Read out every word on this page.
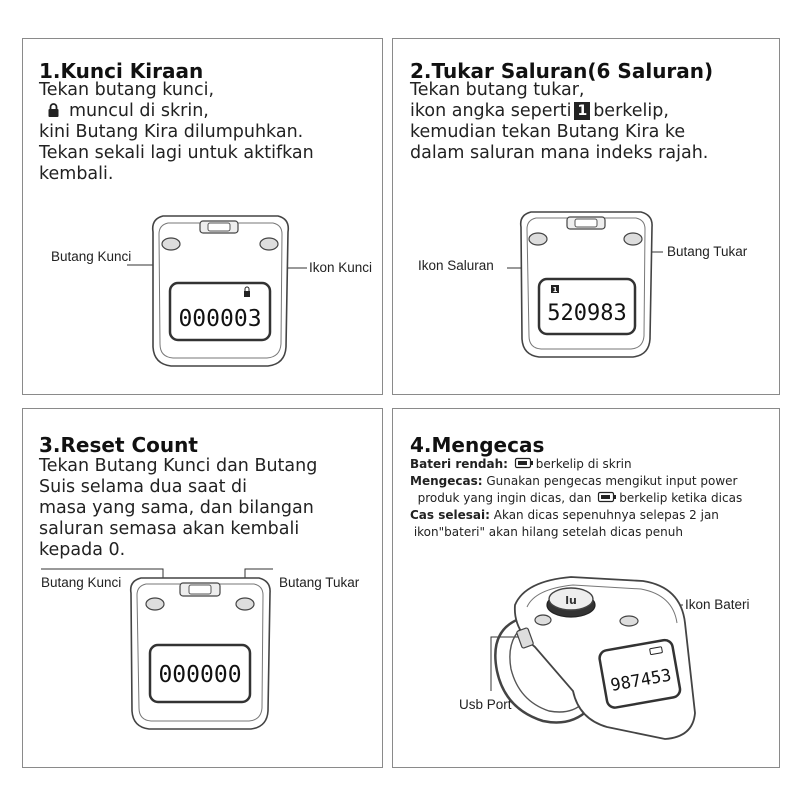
1.Kunci Kiraan
Tekan butang kunci,
muncul di skrin,
kini Butang Kira dilumpuhkan.
Tekan sekali lagi untuk aktifkan
kembali.
Butang Kunci
Ikon Kunci
000003
2.Tukar Saluran(6 Saluran)
Tekan butang tukar,
ikon angka seperti 1 berkelip,
kemudian tekan Butang Kira ke
dalam saluran mana indeks rajah.
Ikon Saluran
Butang Tukar
1
520983
3.Reset Count
Tekan Butang Kunci dan Butang
Suis selama dua saat di
masa yang sama, dan bilangan
saluran semasa akan kembali
kepada 0.
Butang Kunci	Butang Tukar
000000
4.Mengecas
Bateri rendah: berkelip di skrin
Mengecas: Gunakan pengecas mengikut input power
produk yang ingin dicas, dan berkelip ketika dicas
Cas selesai: Akan dicas sepenuhnya selepas 2 jan
ikon"bateri" akan hilang setelah dicas penuh
Ikon Bateri
Usb Port
lu
987453
